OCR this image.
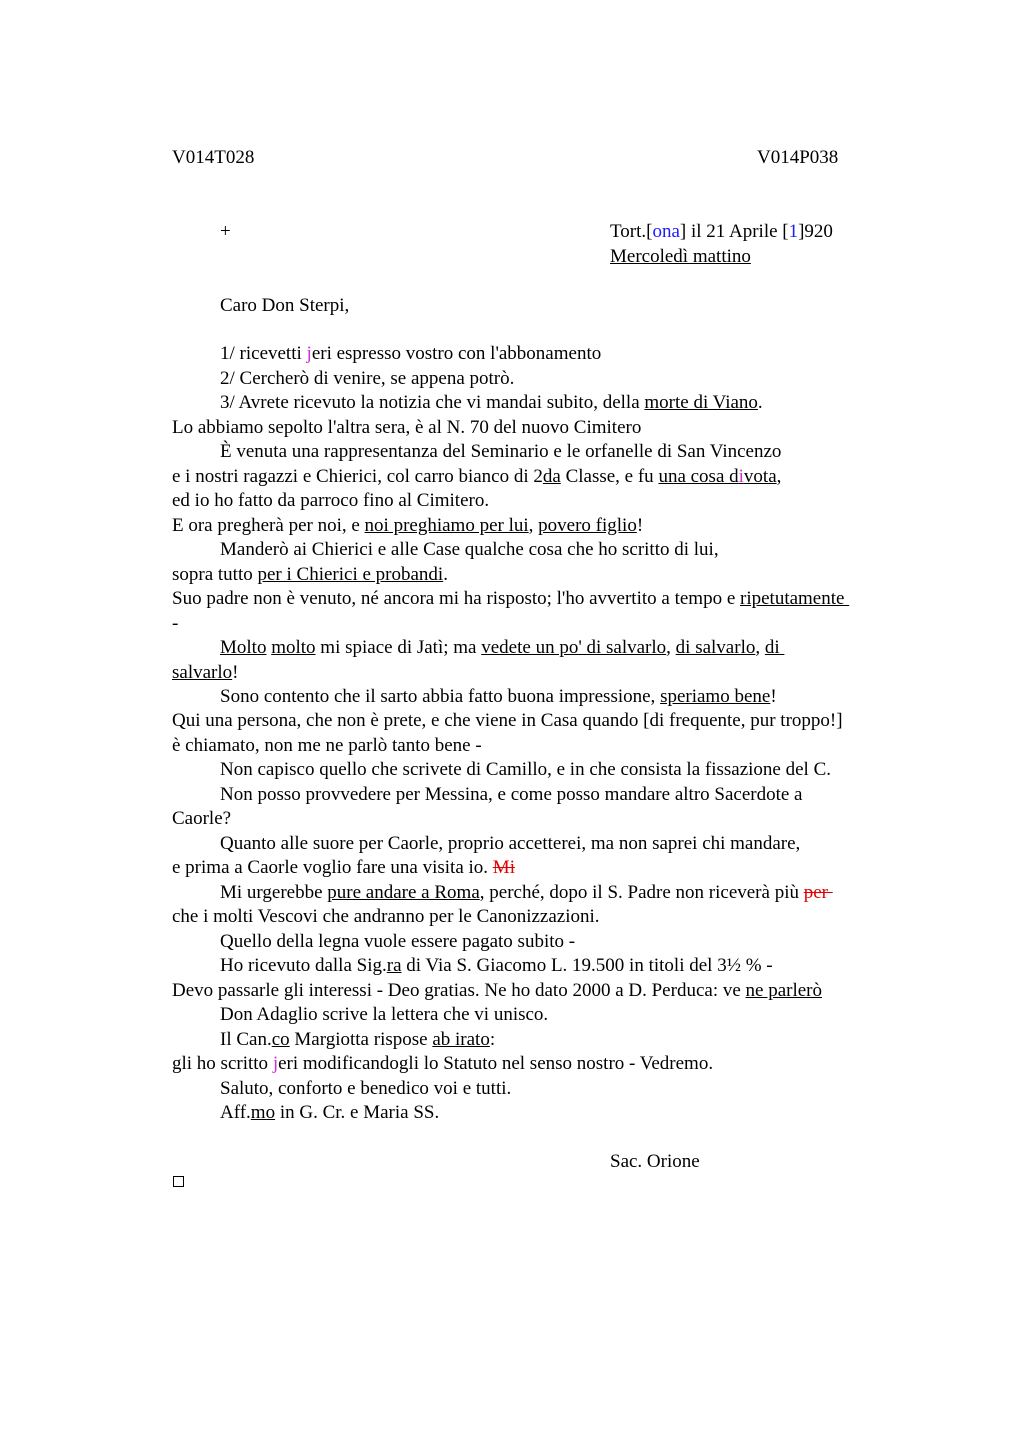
V014T028	V014P038
+	Tort.[ona] il 21 Aprile [1]920
Mercoledì mattino
Caro Don Sterpi,
1/ ricevetti jeri espresso vostro con l'abbonamento
2/ Cercherò di venire, se appena potrò.
3/ Avrete ricevuto la notizia che vi mandai subito, della morte di Viano.
Lo abbiamo sepolto l'altra sera, è al N. 70 del nuovo Cimitero
È venuta una rappresentanza del Seminario e le orfanelle di San Vincenzo
e i nostri ragazzi e Chierici, col carro bianco di 2da Classe, e fu una cosa divota,
ed io ho fatto da parroco fino al Cimitero.
E ora pregherà per noi, e noi preghiamo per lui, povero figlio!
Manderò ai Chierici e alle Case qualche cosa che ho scritto di lui,
sopra tutto per i Chierici e probandi.
Suo padre non è venuto, né ancora mi ha risposto; l'ho avvertito a tempo e ripetutamente
-
Molto molto mi spiace di Jatì; ma vedete un po' di salvarlo, di salvarlo, di
salvarlo!
Sono contento che il sarto abbia fatto buona impressione, speriamo bene!
Qui una persona, che non è prete, e che viene in Casa quando [di frequente, pur troppo!]
è chiamato, non me ne parlò tanto bene -
Non capisco quello che scrivete di Camillo, e in che consista la fissazione del C.
Non posso provvedere per Messina, e come posso mandare altro Sacerdote a
Caorle?
Quanto alle suore per Caorle, proprio accetterei, ma non saprei chi mandare,
e prima a Caorle voglio fare una visita io. Mi
Mi urgerebbe pure andare a Roma, perché, dopo il S. Padre non riceverà più per
che i molti Vescovi che andranno per le Canonizzazioni.
Quello della legna vuole essere pagato subito -
Ho ricevuto dalla Sig.ra di Via S. Giacomo L. 19.500 in titoli del 3½ % -
Devo passarle gli interessi - Deo gratias. Ne ho dato 2000 a D. Perduca: ve ne parlerò
Don Adaglio scrive la lettera che vi unisco.
Il Can.co Margiotta rispose ab irato:
gli ho scritto jeri modificandogli lo Statuto nel senso nostro - Vedremo.
Saluto, conforto e benedico voi e tutti.
Aff.mo in G. Cr. e Maria SS.
Sac. Orione
